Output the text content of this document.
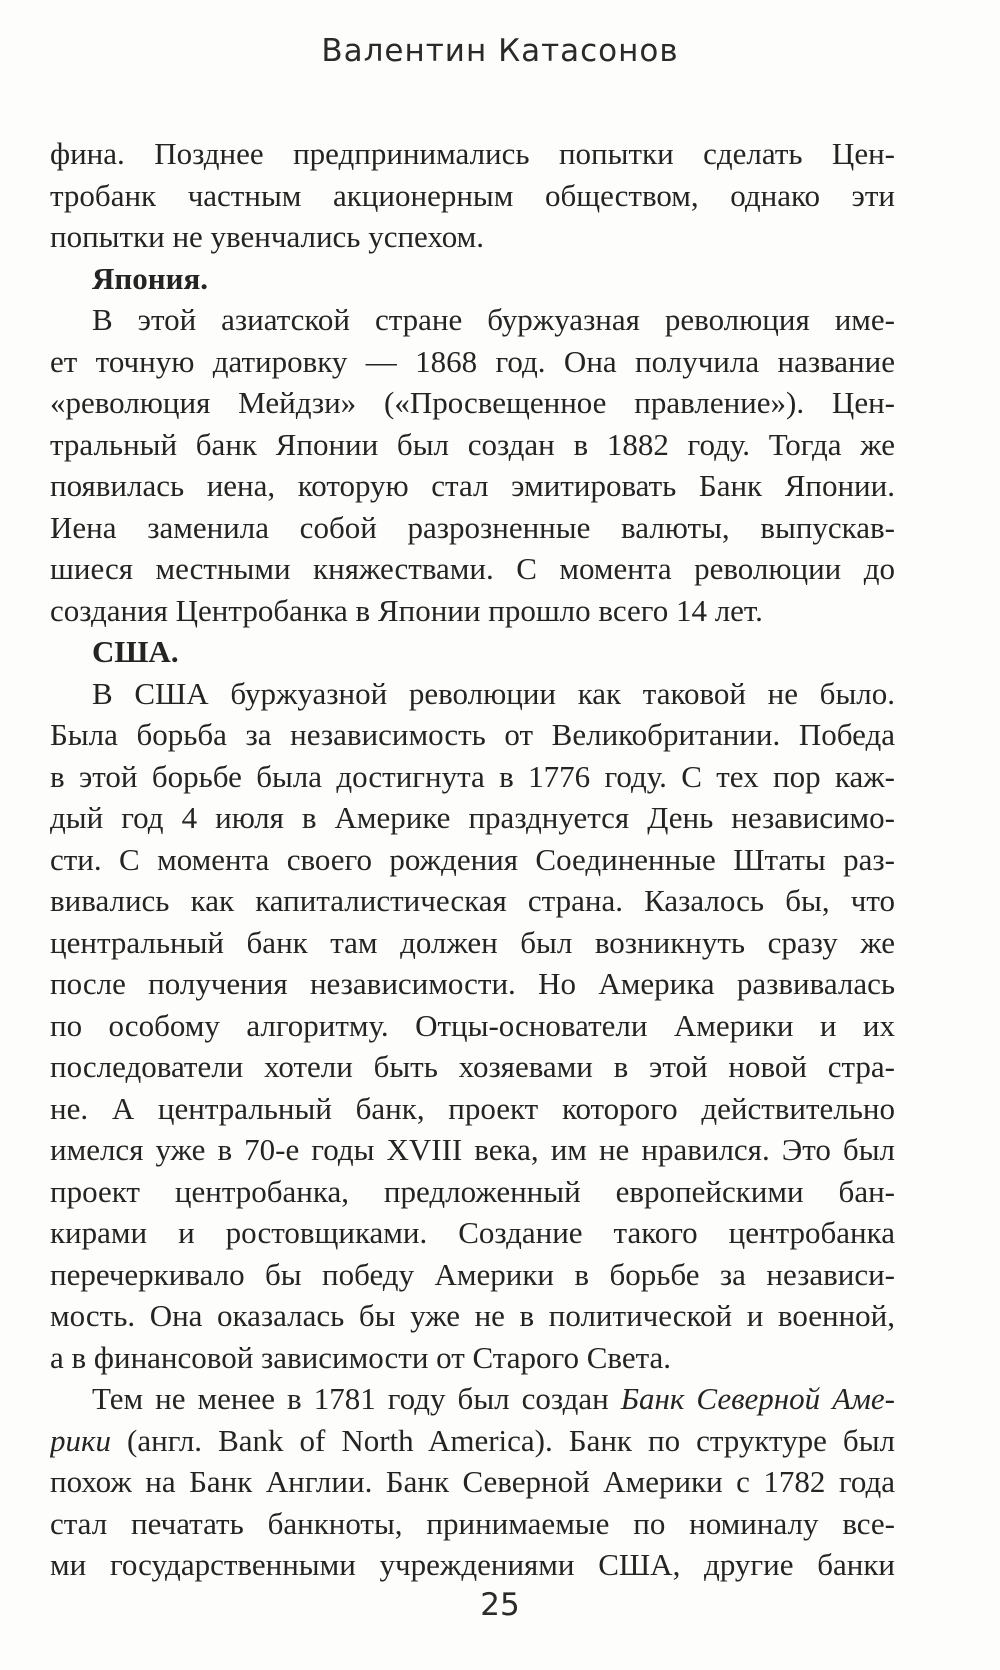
Валентин Катасонов
фина. Позднее предпринимались попытки сделать Цен-
тробанк частным акционерным обществом, однако эти
попытки не увенчались успехом.
Япония.
В этой азиатской стране буржуазная революция име-
ет точную датировку — 1868 год. Она получила название
«революция Мейдзи» («Просвещенное правление»). Цен-
тральный банк Японии был создан в 1882 году. Тогда же
появилась иена, которую стал эмитировать Банк Японии.
Иена заменила собой разрозненные валюты, выпускав-
шиеся местными княжествами. С момента революции до
создания Центробанка в Японии прошло всего 14 лет.
США.
В США буржуазной революции как таковой не было.
Была борьба за независимость от Великобритании. Победа
в этой борьбе была достигнута в 1776 году. С тех пор каж-
дый год 4 июля в Америке празднуется День независимо-
сти. С момента своего рождения Соединенные Штаты раз-
вивались как капиталистическая страна. Казалось бы, что
центральный банк там должен был возникнуть сразу же
после получения независимости. Но Америка развивалась
по особому алгоритму. Отцы-основатели Америки и их
последователи хотели быть хозяевами в этой новой стра-
не. А центральный банк, проект которого действительно
имелся уже в 70-е годы XVIII века, им не нравился. Это был
проект центробанка, предложенный европейскими бан-
кирами и ростовщиками. Создание такого центробанка
перечеркивало бы победу Америки в борьбе за независи-
мость. Она оказалась бы уже не в политической и военной,
а в финансовой зависимости от Старого Света.
Тем не менее в 1781 году был создан Банк Северной Аме-
рики (англ. Bank of North America). Банк по структуре был
похож на Банк Англии. Банк Северной Америки с 1782 года
стал печатать банкноты, принимаемые по номиналу все-
ми государственными учреждениями США, другие банки
25
